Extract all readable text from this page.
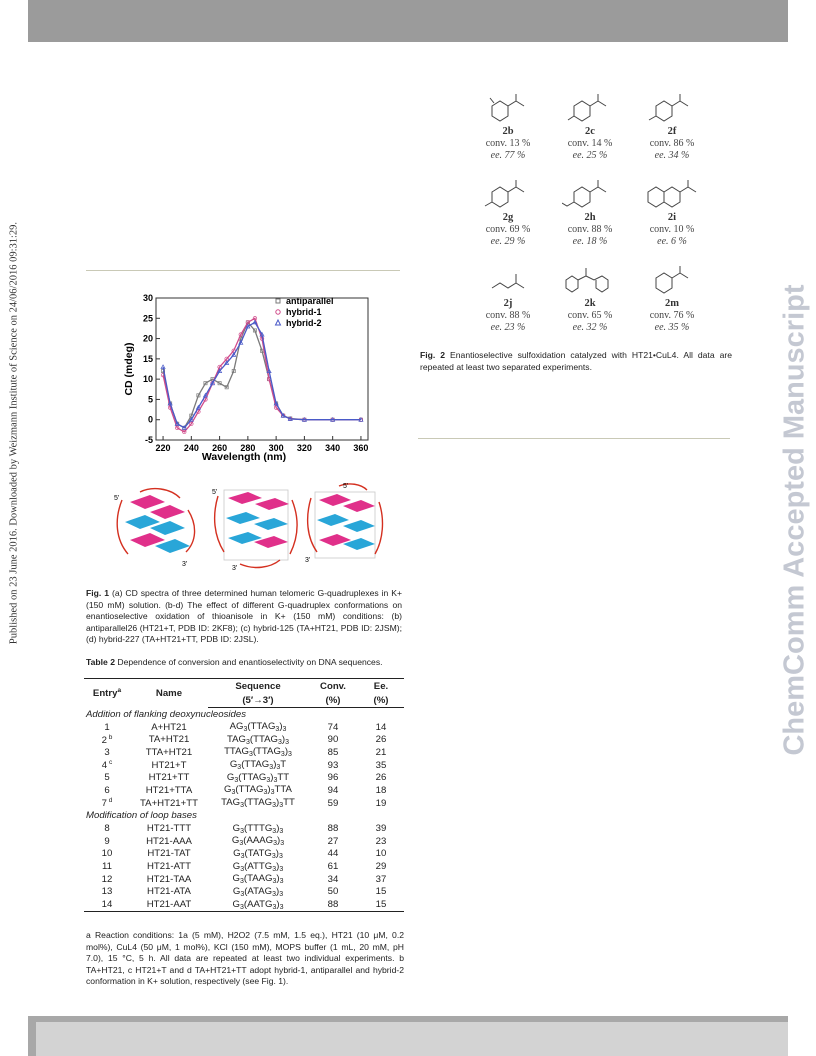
Published on 23 June 2016. Downloaded by Weizmann Institute of Science on 24/06/2016 09:31:29.	ChemComm Accepted Manuscript
2b
conv. 13 %
ee. 77 %
2c
conv. 14 %
ee. 25 %
2f
conv. 86 %
ee. 34 %
2g
conv. 69 %
ee. 29 %
2h
conv. 88 %
ee. 18 %
2i
conv. 10 %
ee. 6 %
2j
conv. 88 %
ee. 23 %
2k
conv. 65 %
ee. 32 %
2m
conv. 76 %
ee. 35 %
Fig. 2 Enantioselective sulfoxidation catalyzed with HT21•CuL4. All data are repeated at least two separated experiments.
220 240 260 280 300 320 340 360
-5
0
5
10
15
20
25
30	antiparallel
hybrid-1
hybrid-2
Wavelength (nm)
CD (mdeg)
5'
3'
5'
3'
5'
3'
Fig. 1 (a) CD spectra of three determined human telomeric G-quadruplexes in K+ (150 mM) solution. (b-d) The effect of different G-quadruplex conformations on enantioselective oxidation of thioanisole in K+ (150 mM) conditions: (b) antiparallel26 (HT21+T, PDB ID: 2KF8); (c) hybrid-125 (TA+HT21, PDB ID: 2JSM); (d) hybrid-227 (TA+HT21+TT, PDB ID: 2JSL).
Table 2 Dependence of conversion and enantioselectivity on DNA sequences.
Entry$^a$	Name	Sequence	Conv.	Ee.
		(5′→3′)	(%)	(%)
Addition of flanking deoxynucleosides				
1	A+HT21	$AG_3(TTAG_3)_3$	74	14
2 $^b$	TA+HT21	$TAG_3(TTAG_3)_3$	90	26
3	TTA+HT21	$TTAG_3(TTAG_3)_3$	85	21
4 $^c$	HT21+T	$G_3(TTAG_3)_3T$	93	35
5	HT21+TT	$G_3(TTAG_3)_3TT$	96	26
6	HT21+TTA	$G_3(TTAG_3)_3TTA$	94	18
7 $^d$	TA+HT21+TT	$TAG_3(TTAG_3)_3TT$	59	19
Modification of loop bases				
8	HT21-TTT	$G_3(TTTG_3)_3$	88	39
9	HT21-AAA	$G_3(AAAG_3)_3$	27	23
10	HT21-TAT	$G_3(TATG_3)_3$	44	10
11	HT21-ATT	$G_3(ATTG_3)_3$	61	29
12	HT21-TAA	$G_3(TAAG_3)_3$	34	37
13	HT21-ATA	$G_3(ATAG_3)_3$	50	15
14	HT21-AAT	$G_3(AATG_3)_3$	88	15
a Reaction conditions: 1a (5 mM), H2O2 (7.5 mM, 1.5 eq.), HT21 (10 μM, 0.2 mol%), CuL4 (50 μM, 1 mol%), KCl (150 mM), MOPS buffer (1 mL, 20 mM, pH 7.0), 15 °C, 5 h. All data are repeated at least two individual experiments. b TA+HT21, c HT21+T and d TA+HT21+TT adopt hybrid-1, antiparallel and hybrid-2 conformation in K+ solution, respectively (see Fig. 1).
